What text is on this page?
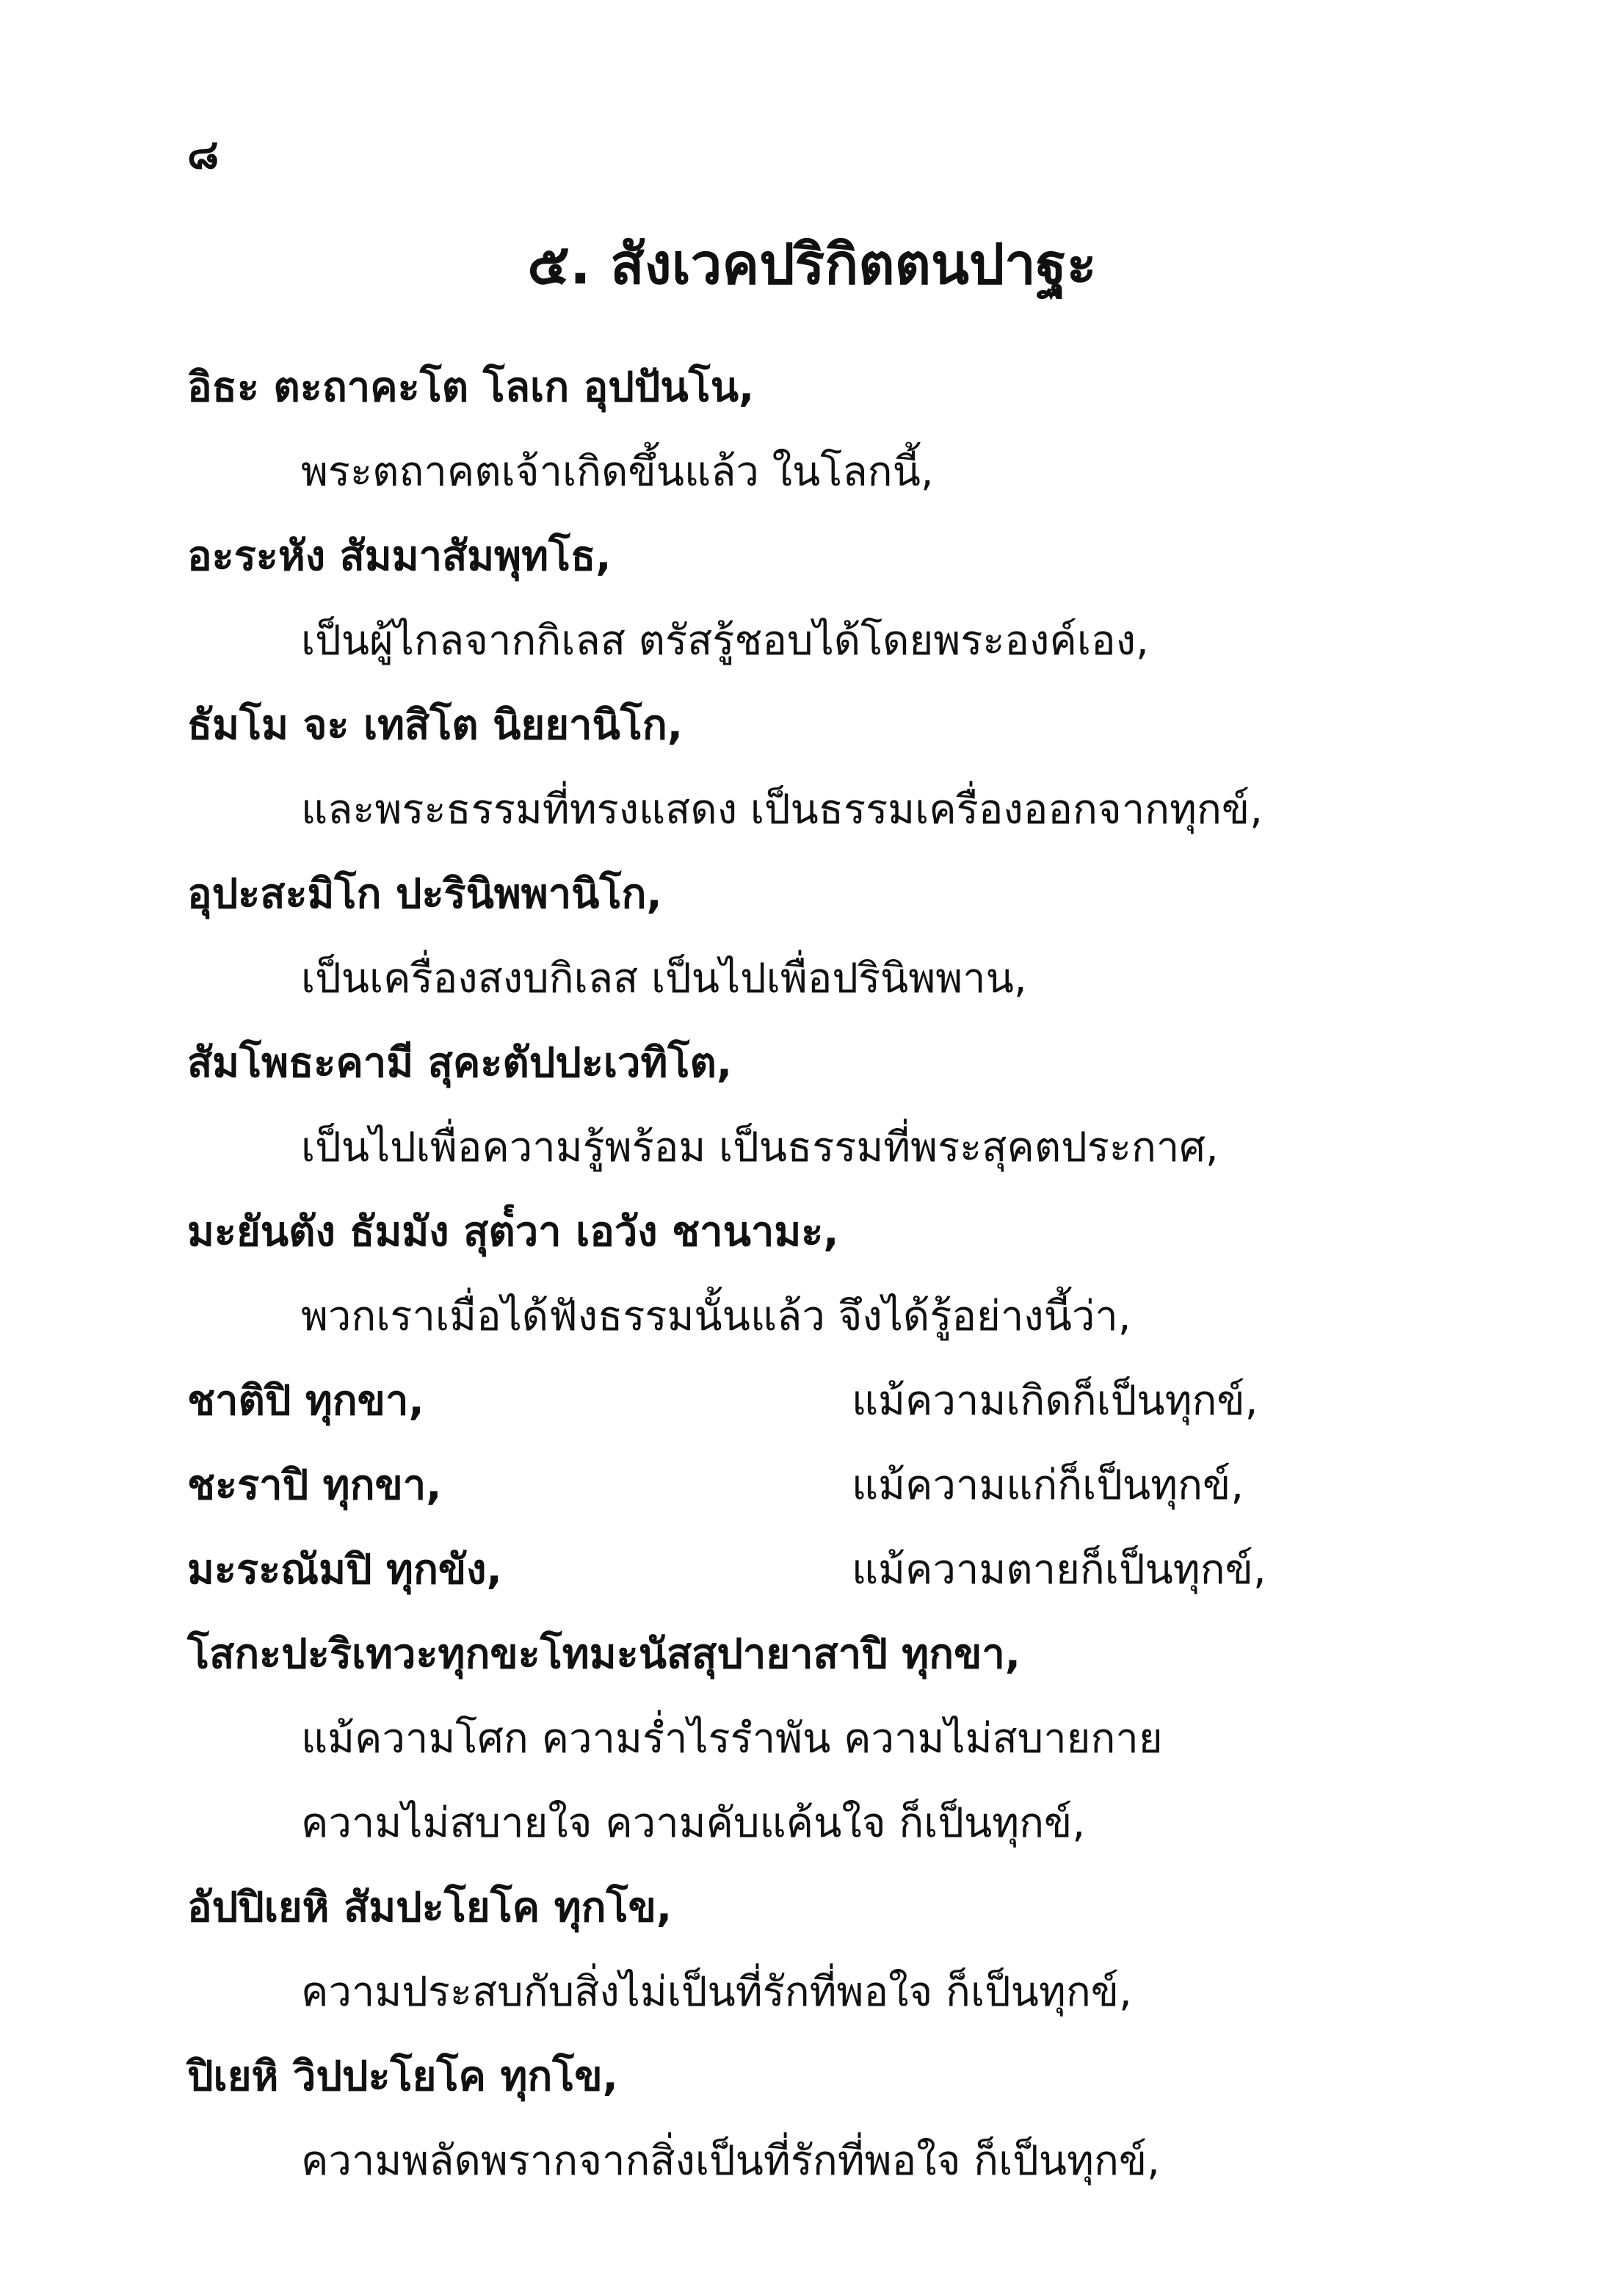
๘
๕. สังเวคปริกิตตนปาฐะ
อิธะ ตะถาคะโต โลเก อุปปันโน,
พระตถาคตเจ้าเกิดขึ้นแล้ว ในโลกนี้,
อะระหัง สัมมาสัมพุทโธ,
เป็นผู้ไกลจากกิเลส ตรัสรู้ชอบได้โดยพระองค์เอง,
ธัมโม จะ เทสิโต นิยยานิโก,
และพระธรรมที่ทรงแสดง เป็นธรรมเครื่องออกจากทุกข์,
อุปะสะมิโก ปะรินิพพานิโก,
เป็นเครื่องสงบกิเลส เป็นไปเพื่อปรินิพพาน,
สัมโพธะคามี สุคะตัปปะเวทิโต,
เป็นไปเพื่อความรู้พร้อม เป็นธรรมที่พระสุคตประกาศ,
มะยันตัง ธัมมัง สุต๎วา เอวัง ชานามะ,
พวกเราเมื่อได้ฟังธรรมนั้นแล้ว จึงได้รู้อย่างนี้ว่า,
ชาติปิ ทุกขา,	แม้ความเกิดก็เป็นทุกข์,
ชะราปิ ทุกขา,	แม้ความแก่ก็เป็นทุกข์,
มะระณัมปิ ทุกขัง,	แม้ความตายก็เป็นทุกข์,
โสกะปะริเทวะทุกขะโทมะนัสสุปายาสาปิ ทุกขา,
แม้ความโศก ความร่ำไรรำพัน ความไม่สบายกาย
ความไม่สบายใจ ความคับแค้นใจ ก็เป็นทุกข์,
อัปปิเยหิ สัมปะโยโค ทุกโข,
ความประสบกับสิ่งไม่เป็นที่รักที่พอใจ ก็เป็นทุกข์,
ปิเยหิ วิปปะโยโค ทุกโข,
ความพลัดพรากจากสิ่งเป็นที่รักที่พอใจ ก็เป็นทุกข์,
